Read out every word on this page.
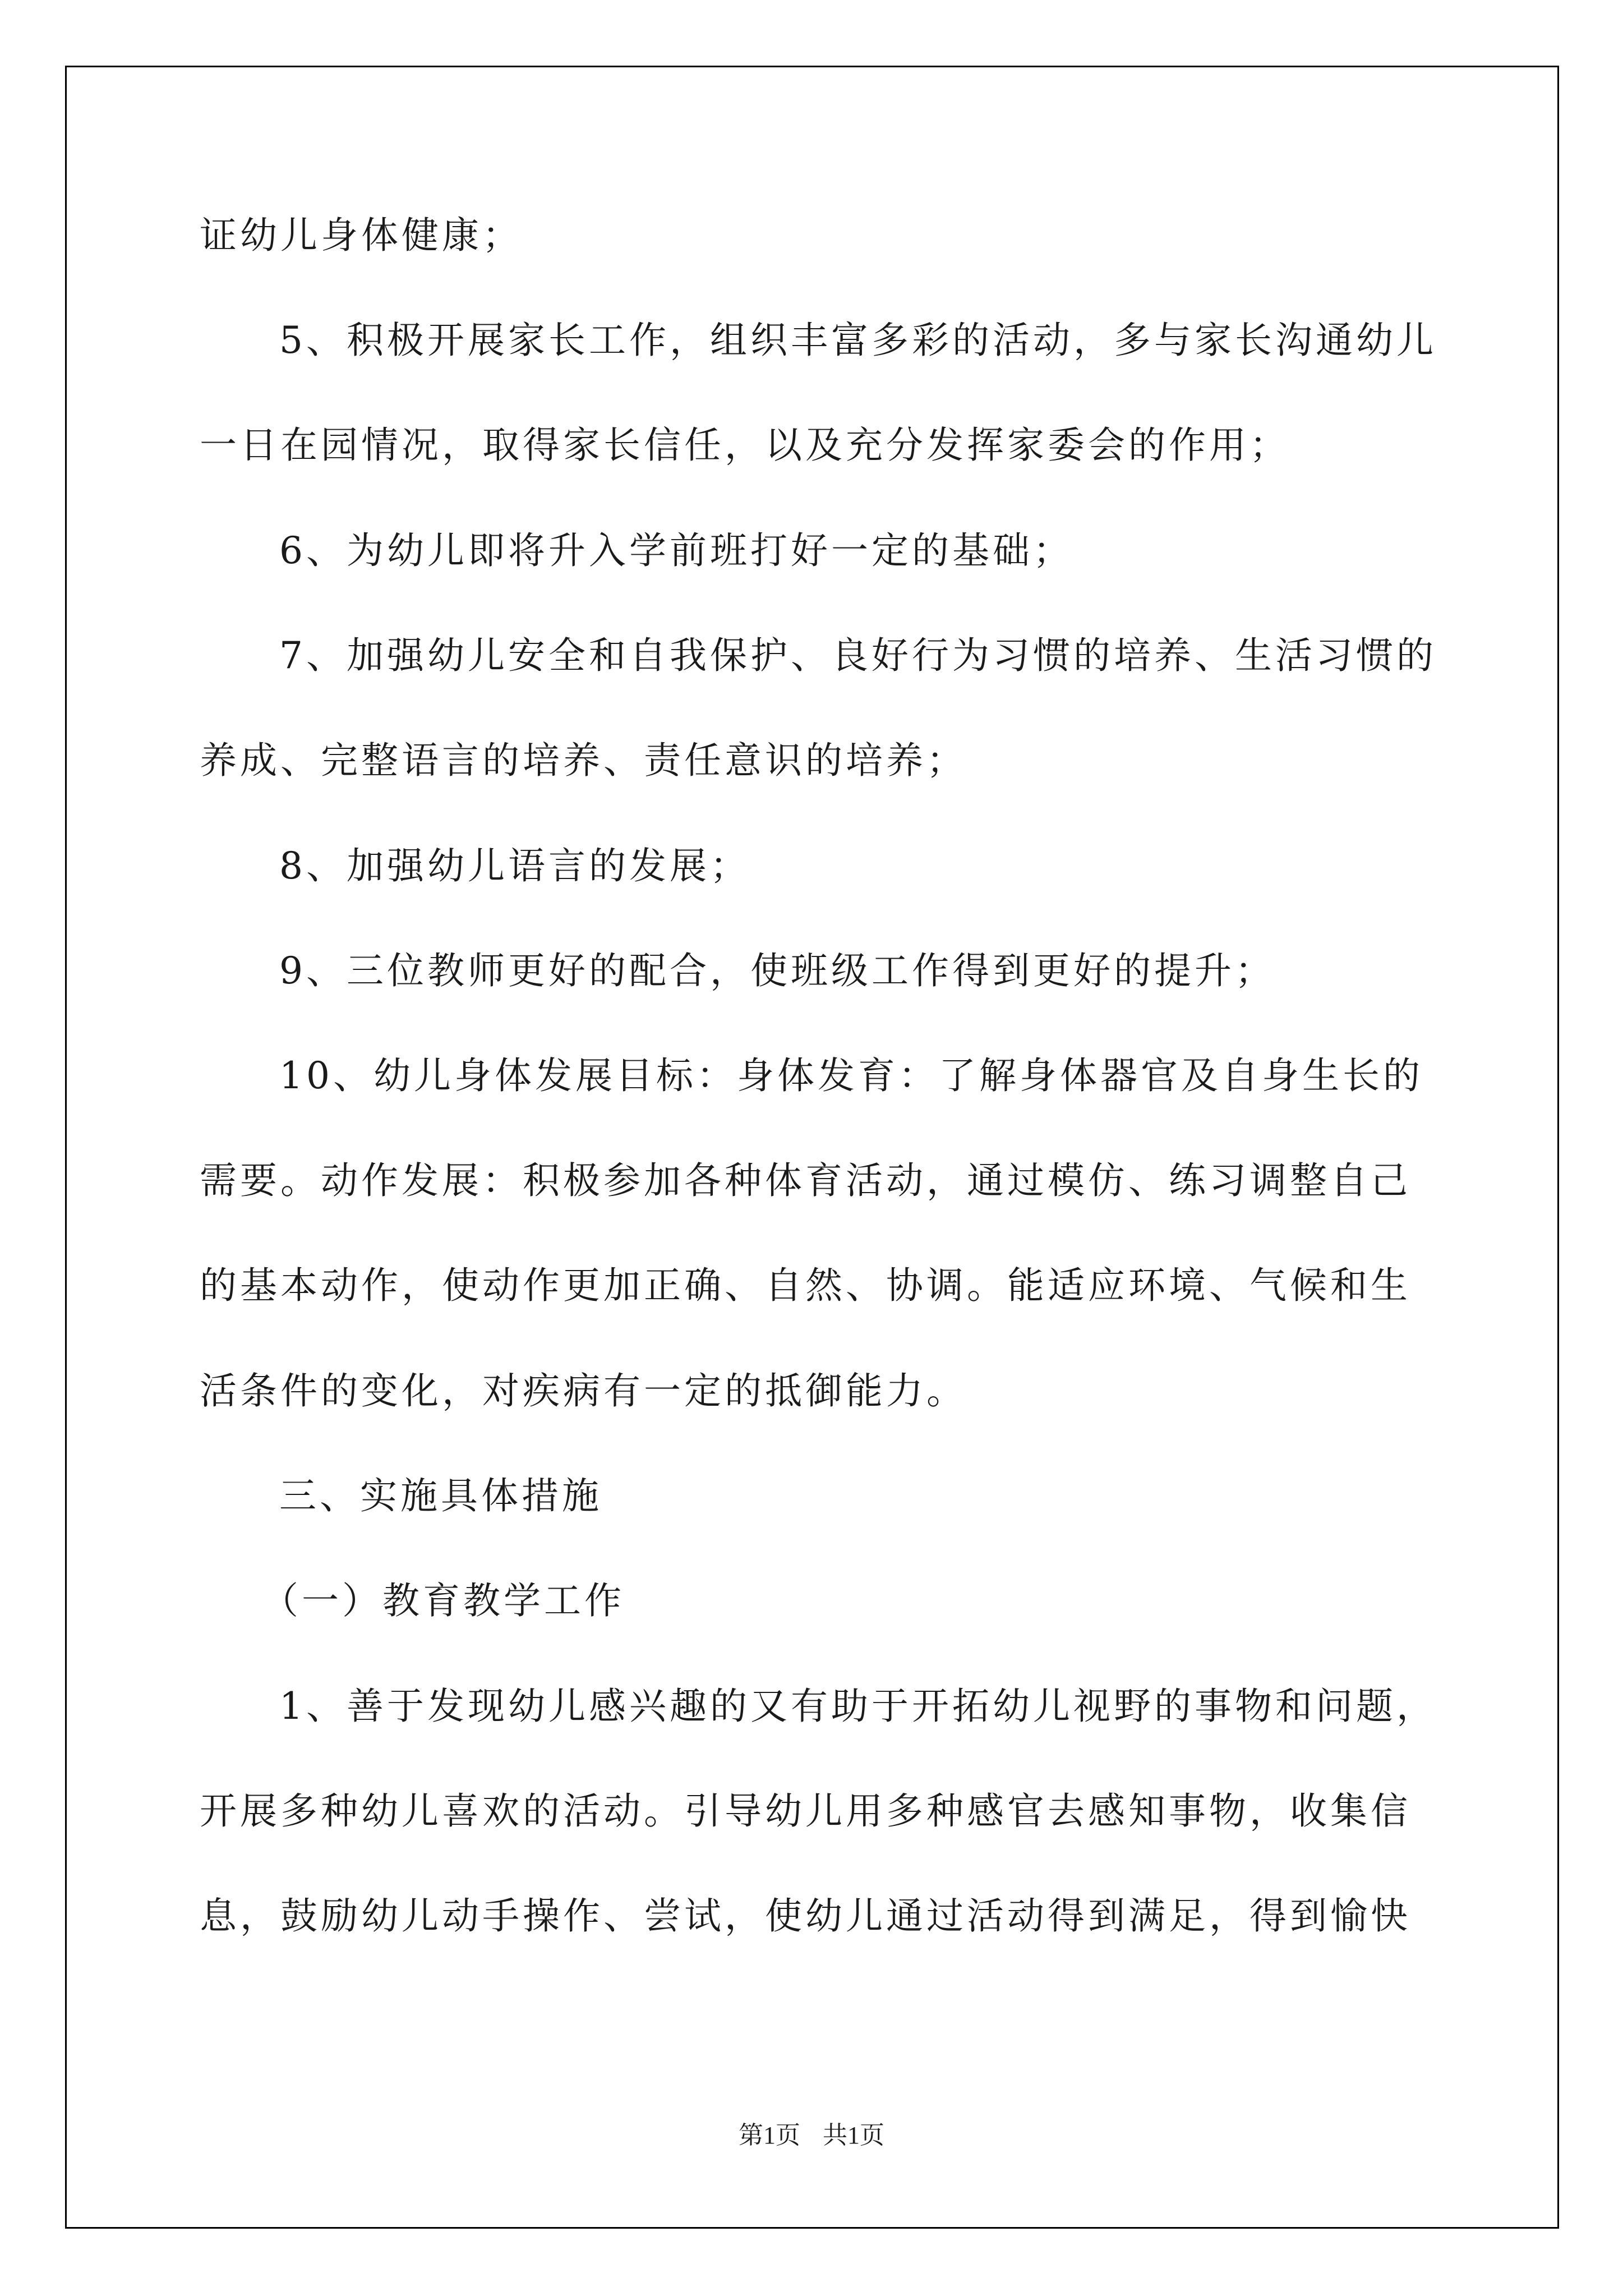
证幼儿身体健康；
5、积极开展家长工作，组织丰富多彩的活动，多与家长沟通幼儿
一日在园情况，取得家长信任，以及充分发挥家委会的作用；
6、为幼儿即将升入学前班打好一定的基础；
7、加强幼儿安全和自我保护、良好行为习惯的培养、生活习惯的
养成、完整语言的培养、责任意识的培养；
8、加强幼儿语言的发展；
9、三位教师更好的配合，使班级工作得到更好的提升；
10、幼儿身体发展目标：身体发育：了解身体器官及自身生长的
需要。动作发展：积极参加各种体育活动，通过模仿、练习调整自己
的基本动作，使动作更加正确、自然、协调。能适应环境、气候和生
活条件的变化，对疾病有一定的抵御能力。
三、实施具体措施
（一）教育教学工作
1、善于发现幼儿感兴趣的又有助于开拓幼儿视野的事物和问题，
开展多种幼儿喜欢的活动。引导幼儿用多种感官去感知事物，收集信
息，鼓励幼儿动手操作、尝试，使幼儿通过活动得到满足，得到愉快
第1页 共1页
